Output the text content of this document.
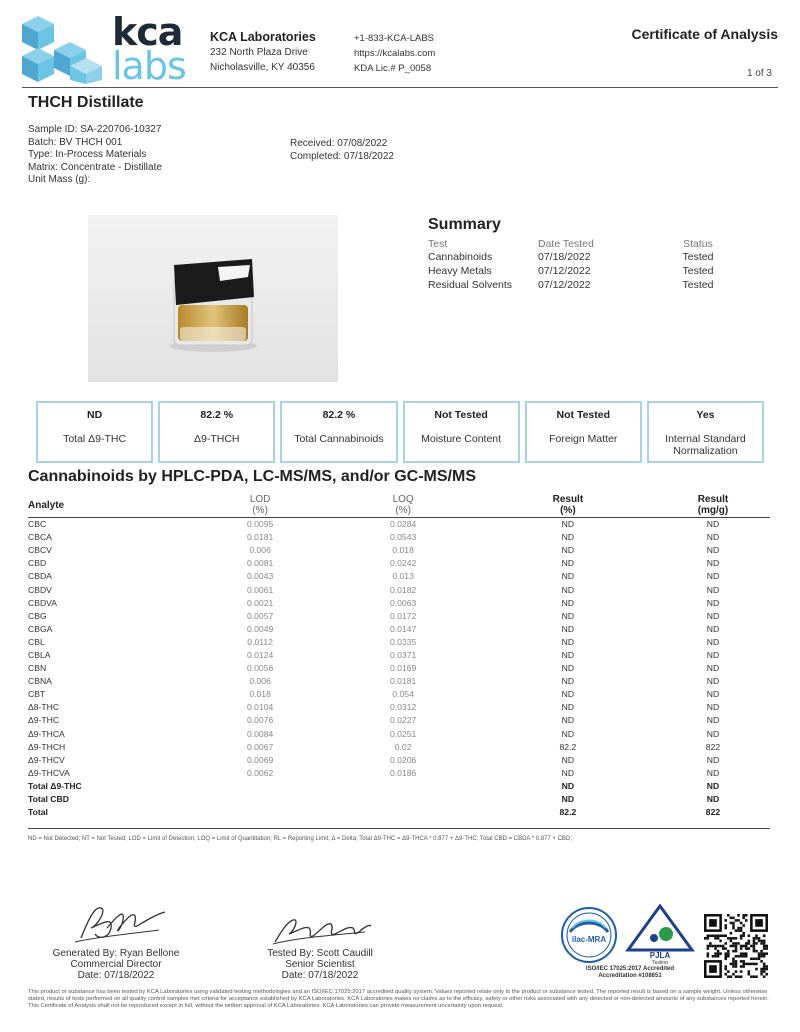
kca
labs
KCA Laboratories
232 North Plaza Drive
Nicholasville, KY 40356
+1-833-KCA-LABS
https://kcalabs.com
KDA Lic.# P_0058
Certificate of Analysis
1 of 3
THCH Distillate
Sample ID: SA-220706-10327
Batch: BV THCH 001
Type: In-Process Materials
Matrix: Concentrate - Distillate
Unit Mass (g):
Received: 07/08/2022
Completed: 07/18/2022
Summary
Test	Date Tested	Status
Cannabinoids	07/18/2022	Tested
Heavy Metals	07/12/2022	Tested
Residual Solvents	07/12/2022	Tested
ND
Total Δ9-THC
82.2 %
Δ9-THCH
82.2 %
Total Cannabinoids
Not Tested
Moisture Content
Not Tested
Foreign Matter
Yes
Internal Standard Normalization
Cannabinoids by HPLC-PDA, LC-MS/MS, and/or GC-MS/MS
Analyte	LOD
(%)		LOQ
(%)		Result
(%)		Result
(mg/g)
CBC	0.0095		0.0284		ND		ND
CBCA	0.0181		0.0543		ND		ND
CBCV	0.006		0.018		ND		ND
CBD	0.0081		0.0242		ND		ND
CBDA	0.0043		0.013		ND		ND
CBDV	0.0061		0.0182		ND		ND
CBDVA	0.0021		0.0063		ND		ND
CBG	0.0057		0.0172		ND		ND
CBGA	0.0049		0.0147		ND		ND
CBL	0.0112		0.0335		ND		ND
CBLA	0.0124		0.0371		ND		ND
CBN	0.0056		0.0169		ND		ND
CBNA	0.006		0.0181		ND		ND
CBT	0.018		0.054		ND		ND
Δ8-THC	0.0104		0.0312		ND		ND
Δ9-THC	0.0076		0.0227		ND		ND
Δ9-THCA	0.0084		0.0251		ND		ND
Δ9-THCH	0.0067		0.02		82.2		822
Δ9-THCV	0.0069		0.0206		ND		ND
Δ9-THCVA	0.0062		0.0186		ND		ND
Total Δ9-THC					ND		ND
Total CBD					ND		ND
Total					82.2		822
ND = Not Detected; NT = Not Tested; LOD = Limit of Detection; LOQ = Limit of Quantitation; RL = Reporting Limit; Δ = Delta; Total Δ9-THC = Δ9-THCA * 0.877 + Δ9-THC; Total CBD = CBDA * 0.877 + CBD;
Generated By: Ryan Bellone
Commercial Director
Date: 07/18/2022
Tested By: Scott Caudill
Senior Scientist
Date: 07/18/2022
ilac-MRA
PJLA
Testing
ISO/IEC 17025:2017 Accredited
Accreditation #108651
This product or substance has been tested by KCA Laboratories using validated testing methodologies and an ISO/IEC 17025:2017 accredited quality system. Values reported relate only to the product or substance tested. The reported result is based on a sample weight. Unless otherwise stated, results of tests performed on all quality control samples met criteria for acceptance established by KCA Laboratories. KCA Laboratories makes no claims as to the efficacy, safety or other risks associated with any detected or non-detected amounts of any substances reported herein. This Certificate of Analysis shall not be reproduced except in full, without the written approval of KCA Laboratories. KCA Laboratories can provide measurement uncertainty upon request.
